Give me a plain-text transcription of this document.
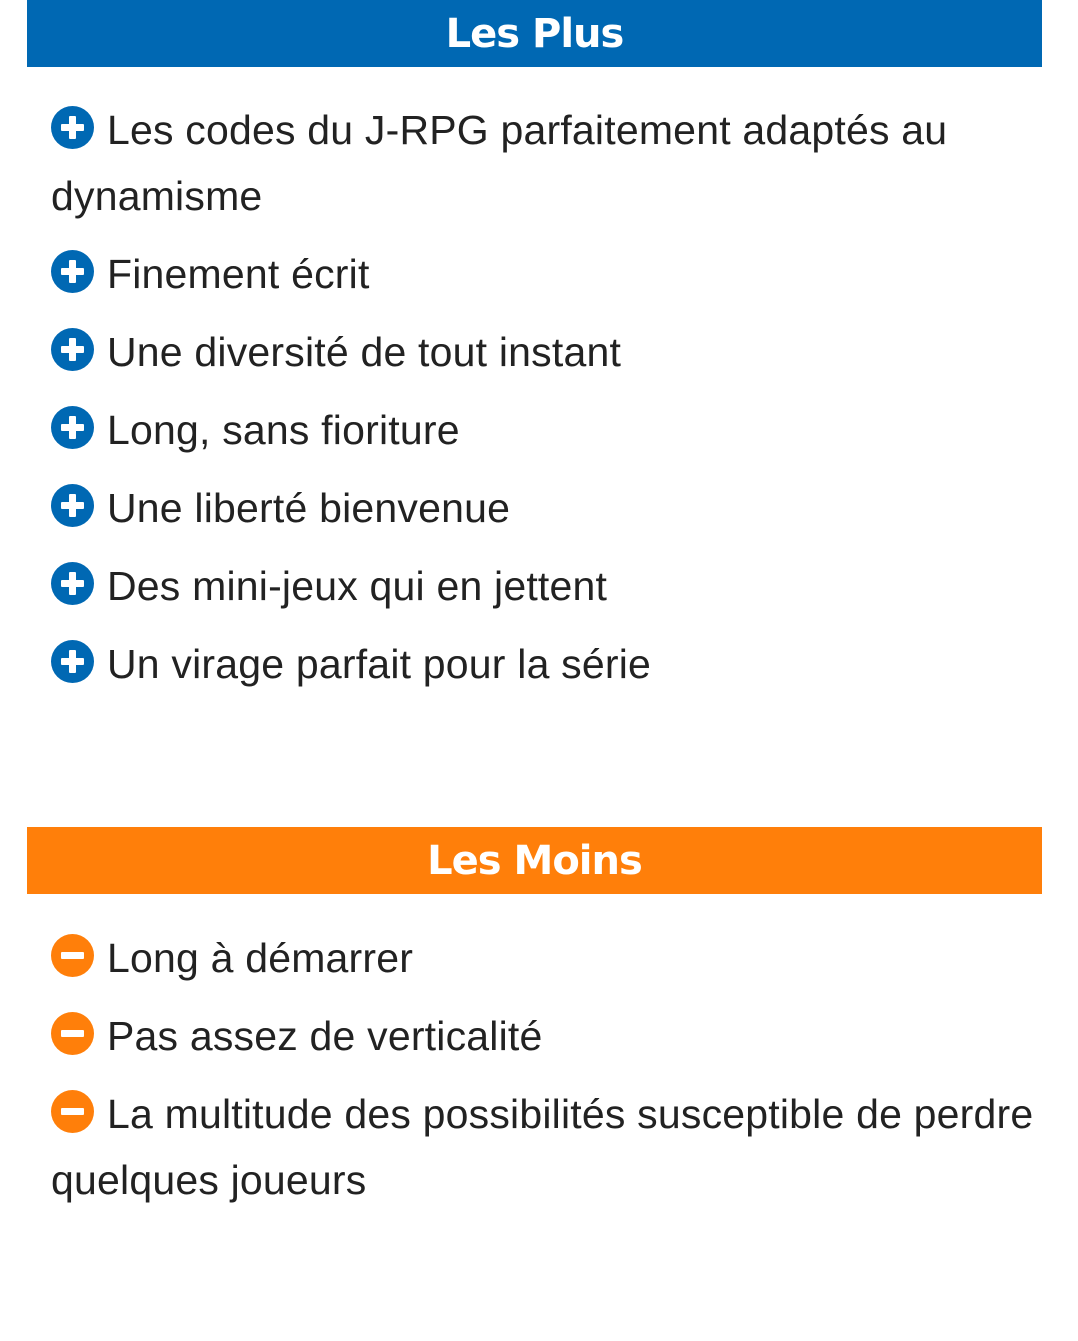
Les Plus
Les codes du J-RPG parfaitement adaptés au dynamisme
Finement écrit
Une diversité de tout instant
Long, sans fioriture
Une liberté bienvenue
Des mini-jeux qui en jettent
Un virage parfait pour la série
Les Moins
Long à démarrer
Pas assez de verticalité
La multitude des possibilités susceptible de perdre quelques joueurs
